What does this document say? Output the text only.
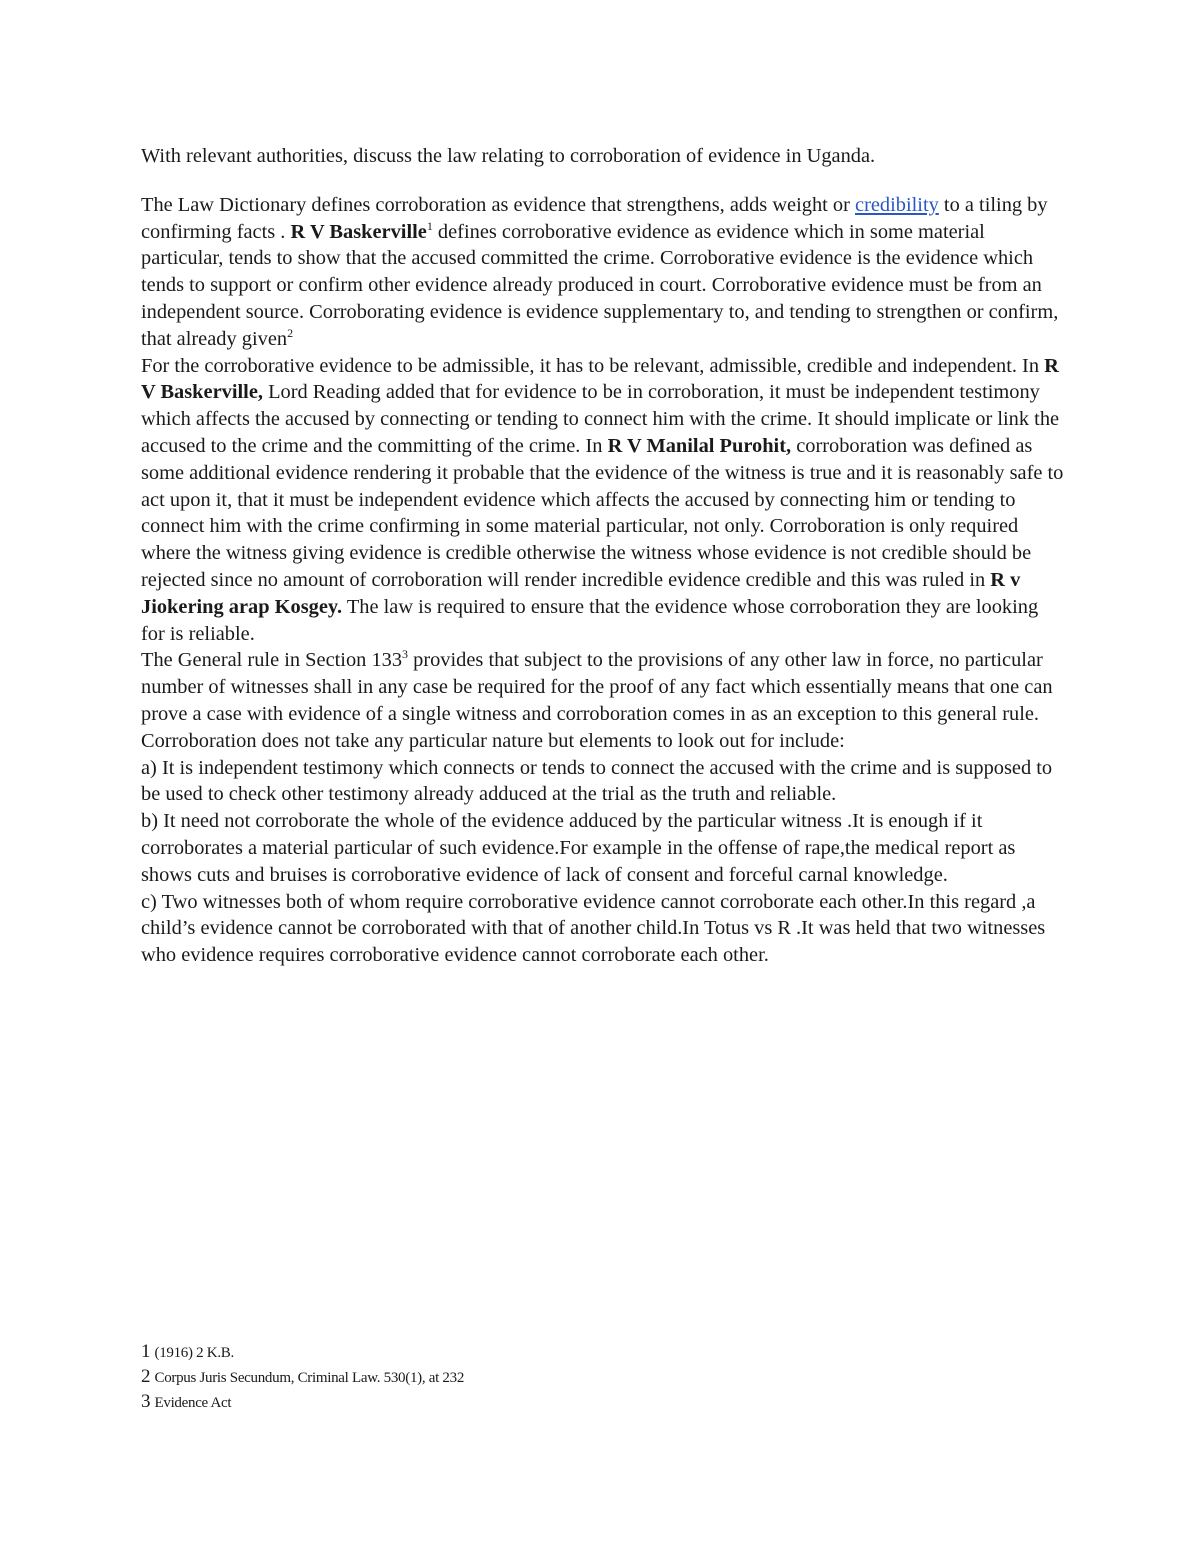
With relevant authorities, discuss the law relating to corroboration of evidence in Uganda.

The Law Dictionary defines corroboration as evidence that strengthens, adds weight or credibility to a tiling by confirming facts . R V Baskerville$^1$ defines corroborative evidence as evidence which in some material particular, tends to show that the accused committed the crime. Corroborative evidence is the evidence which tends to support or confirm other evidence already produced in court. Corroborative evidence must be from an independent source. Corroborating evidence is evidence supplementary to, and tending to strengthen or confirm, that already given$^2$

For the corroborative evidence to be admissible, it has to be relevant, admissible, credible and independent. In R V Baskerville, Lord Reading added that for evidence to be in corroboration, it must be independent testimony which affects the accused by connecting or tending to connect him with the crime. It should implicate or link the accused to the crime and the committing of the crime. In R V Manilal Purohit, corroboration was defined as some additional evidence rendering it probable that the evidence of the witness is true and it is reasonably safe to act upon it, that it must be independent evidence which affects the accused by connecting him or tending to connect him with the crime confirming in some material particular, not only. Corroboration is only required where the witness giving evidence is credible otherwise the witness whose evidence is not credible should be rejected since no amount of corroboration will render incredible evidence credible and this was ruled in R v Jiokering arap Kosgey. The law is required to ensure that the evidence whose corroboration they are looking for is reliable.

The General rule in Section $133^3$ provides that subject to the provisions of any other law in force, no particular number of witnesses shall in any case be required for the proof of any fact which essentially means that one can prove a case with evidence of a single witness and corroboration comes in as an exception to this general rule.

Corroboration does not take any particular nature but elements to look out for include:

a) It is independent testimony which connects or tends to connect the accused with the crime and is supposed to be used to check other testimony already adduced at the trial as the truth and reliable.

b) It need not corroborate the whole of the evidence adduced by the particular witness .It is enough if it corroborates a material particular of such evidence.For example in the offense of rape,the medical report as shows cuts and bruises is corroborative evidence of lack of consent and forceful carnal knowledge.

c) Two witnesses both of whom require corroborative evidence cannot corroborate each other.In this regard ,a child’s evidence cannot be corroborated with that of another child.In Totus vs R .It was held that two witnesses who evidence requires corroborative evidence cannot corroborate each other.

1 (1916) 2 K.B.

2 Corpus Juris Secundum, Criminal Law. 530(1), at 232

3 Evidence Act
